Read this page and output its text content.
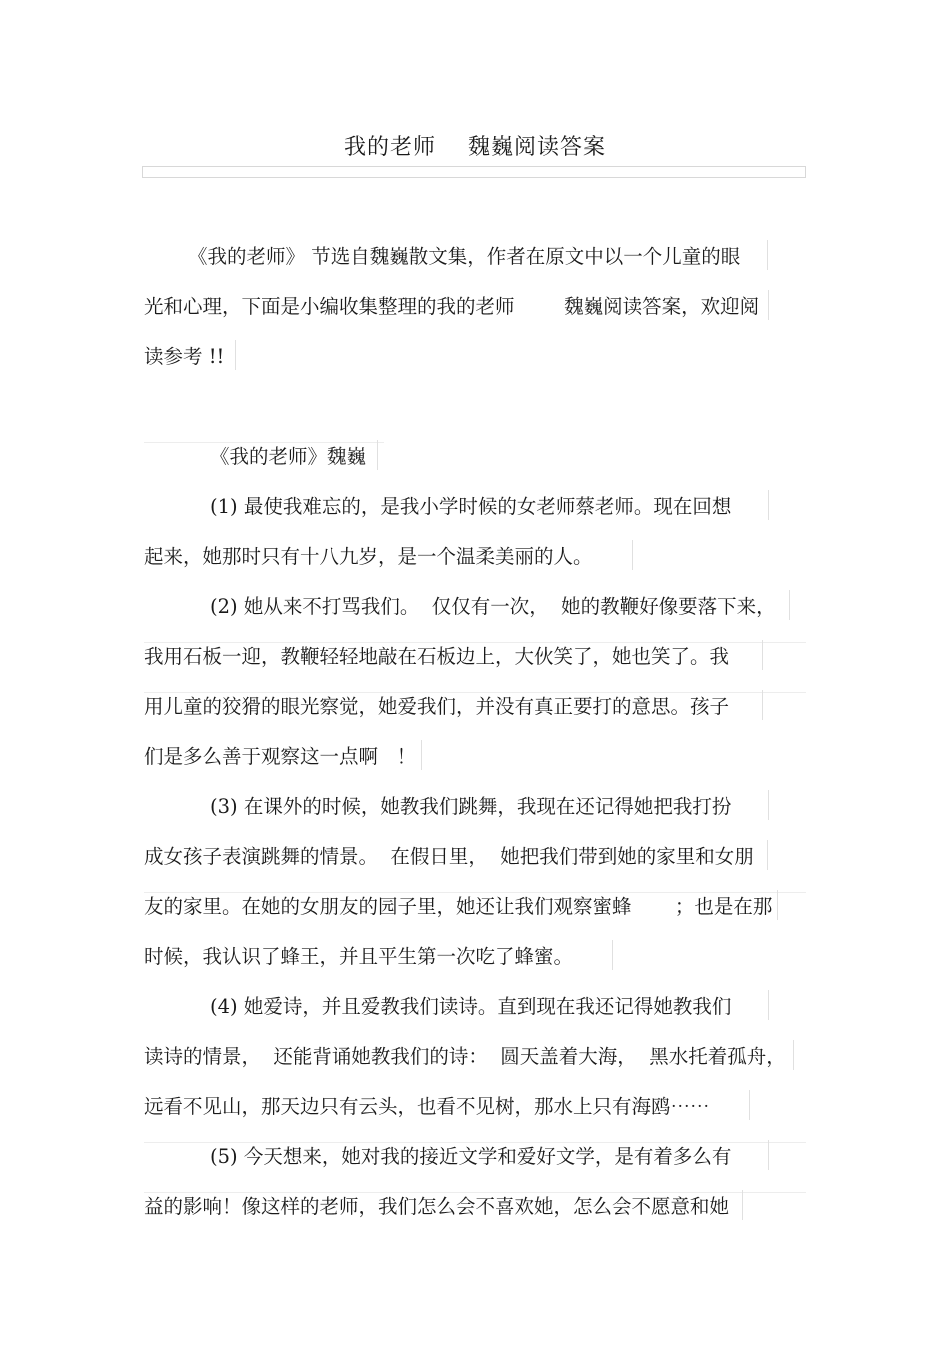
我的老师    魏巍阅读答案
《我的老师》 节选自魏巍散文集，作者在原文中以一个儿童的眼
光和心理，下面是小编收集整理的我的老师        魏巍阅读答案，欢迎阅
读参考 !!
《我的老师》魏巍
(1) 最使我难忘的，是我小学时候的女老师蔡老师。现在回想
起来，她那时只有十八九岁，是一个温柔美丽的人。
(2) 她从来不打骂我们。  仅仅有一次，  她的教鞭好像要落下来，
我用石板一迎，教鞭轻轻地敲在石板边上，大伙笑了，她也笑了。我
用儿童的狡猾的眼光察觉，她爱我们，并没有真正要打的意思。孩子
们是多么善于观察这一点啊   ！
(3) 在课外的时候，她教我们跳舞，我现在还记得她把我打扮
成女孩子表演跳舞的情景。  在假日里，  她把我们带到她的家里和女朋
友的家里。在她的女朋友的园子里，她还让我们观察蜜蜂       ；也是在那
时候，我认识了蜂王，并且平生第一次吃了蜂蜜。
(4) 她爱诗，并且爱教我们读诗。直到现在我还记得她教我们
读诗的情景，  还能背诵她教我们的诗：  圆天盖着大海，  黑水托着孤舟，
远看不见山，那天边只有云头，也看不见树，那水上只有海鸥⋯⋯
(5) 今天想来，她对我的接近文学和爱好文学，是有着多么有
益的影响！像这样的老师，我们怎么会不喜欢她，怎么会不愿意和她
